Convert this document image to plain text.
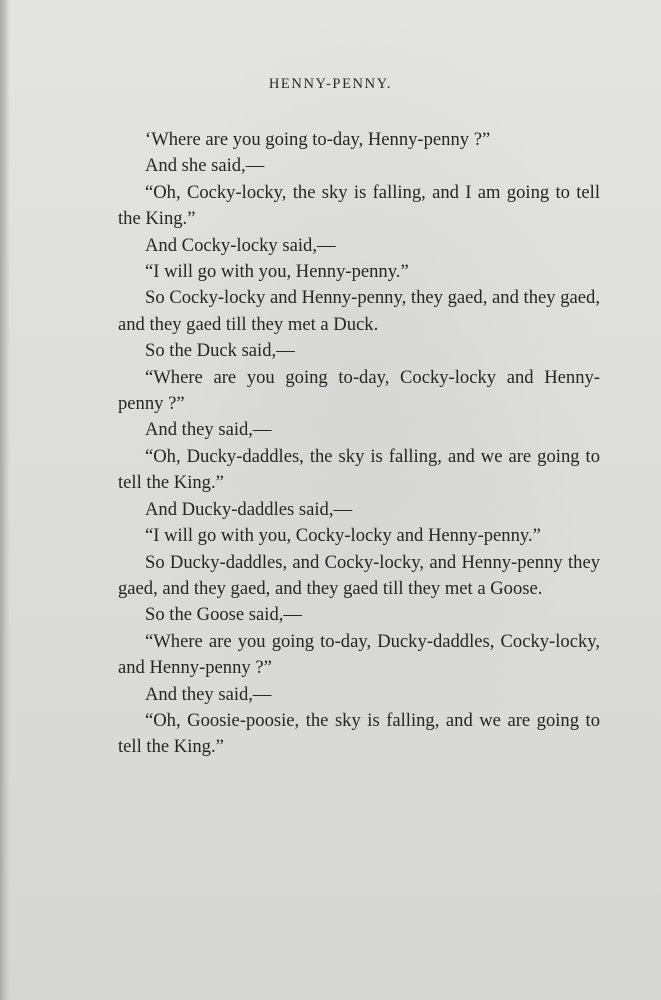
HENNY-PENNY.

‘Where are you going to-day, Henny-penny ?”

And she said,—

“Oh, Cocky-locky, the sky is falling, and I am going to tell the King.”

And Cocky-locky said,—

“I will go with you, Henny-penny.”

So Cocky-locky and Henny-penny, they gaed, and they gaed, and they gaed till they met a Duck.

So the Duck said,—

“Where are you going to-day, Cocky-locky and Henny-penny ?”

And they said,—

“Oh, Ducky-daddles, the sky is falling, and we are going to tell the King.”

And Ducky-daddles said,—

“I will go with you, Cocky-locky and Henny-penny.”

So Ducky-daddles, and Cocky-locky, and Henny-penny they gaed, and they gaed, and they gaed till they met a Goose.

So the Goose said,—

“Where are you going to-day, Ducky-daddles, Cocky-locky, and Henny-penny ?”

And they said,—

“Oh, Goosie-poosie, the sky is falling, and we are going to tell the King.”
